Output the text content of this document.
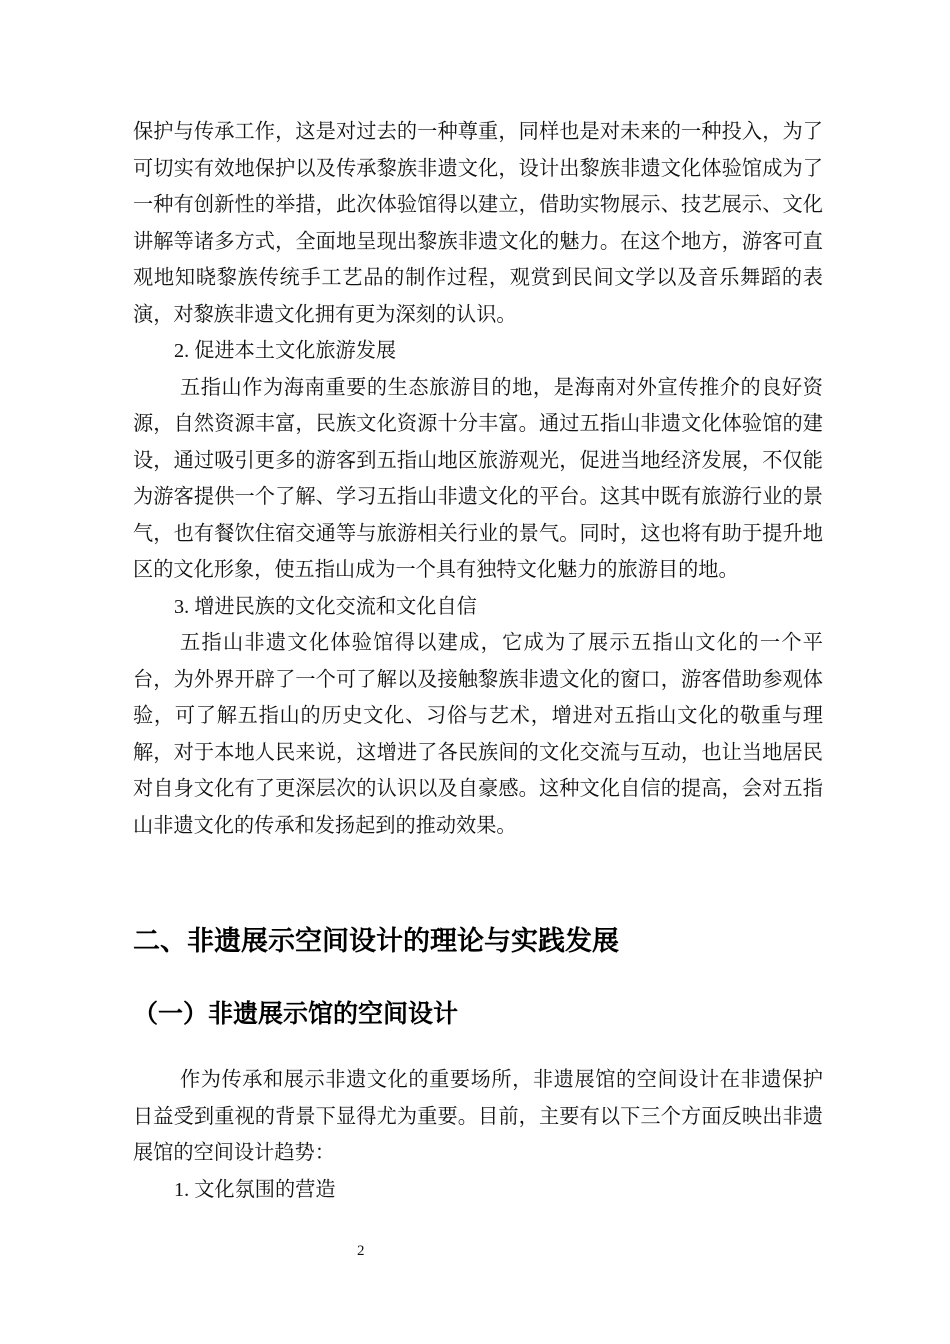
保护与传承工作，这是对过去的一种尊重，同样也是对未来的一种投入，为了可切实有效地保护以及传承黎族非遗文化，设计出黎族非遗文化体验馆成为了一种有创新性的举措，此次体验馆得以建立，借助实物展示、技艺展示、文化讲解等诸多方式，全面地呈现出黎族非遗文化的魅力。在这个地方，游客可直观地知晓黎族传统手工艺品的制作过程，观赏到民间文学以及音乐舞蹈的表演，对黎族非遗文化拥有更为深刻的认识。

2. 促进本土文化旅游发展

五指山作为海南重要的生态旅游目的地，是海南对外宣传推介的良好资源，自然资源丰富，民族文化资源十分丰富。通过五指山非遗文化体验馆的建设，通过吸引更多的游客到五指山地区旅游观光，促进当地经济发展，不仅能为游客提供一个了解、学习五指山非遗文化的平台。这其中既有旅游行业的景气，也有餐饮住宿交通等与旅游相关行业的景气。同时，这也将有助于提升地区的文化形象，使五指山成为一个具有独特文化魅力的旅游目的地。

3. 增进民族的文化交流和文化自信

五指山非遗文化体验馆得以建成，它成为了展示五指山文化的一个平台，为外界开辟了一个可了解以及接触黎族非遗文化的窗口，游客借助参观体验，可了解五指山的历史文化、习俗与艺术，增进对五指山文化的敬重与理解，对于本地人民来说，这增进了各民族间的文化交流与互动，也让当地居民对自身文化有了更深层次的认识以及自豪感。这种文化自信的提高，会对五指山非遗文化的传承和发扬起到的推动效果。

二、非遗展示空间设计的理论与实践发展
（一）非遗展示馆的空间设计

作为传承和展示非遗文化的重要场所，非遗展馆的空间设计在非遗保护日益受到重视的背景下显得尤为重要。目前，主要有以下三个方面反映出非遗展馆的空间设计趋势：

1. 文化氛围的营造

2
